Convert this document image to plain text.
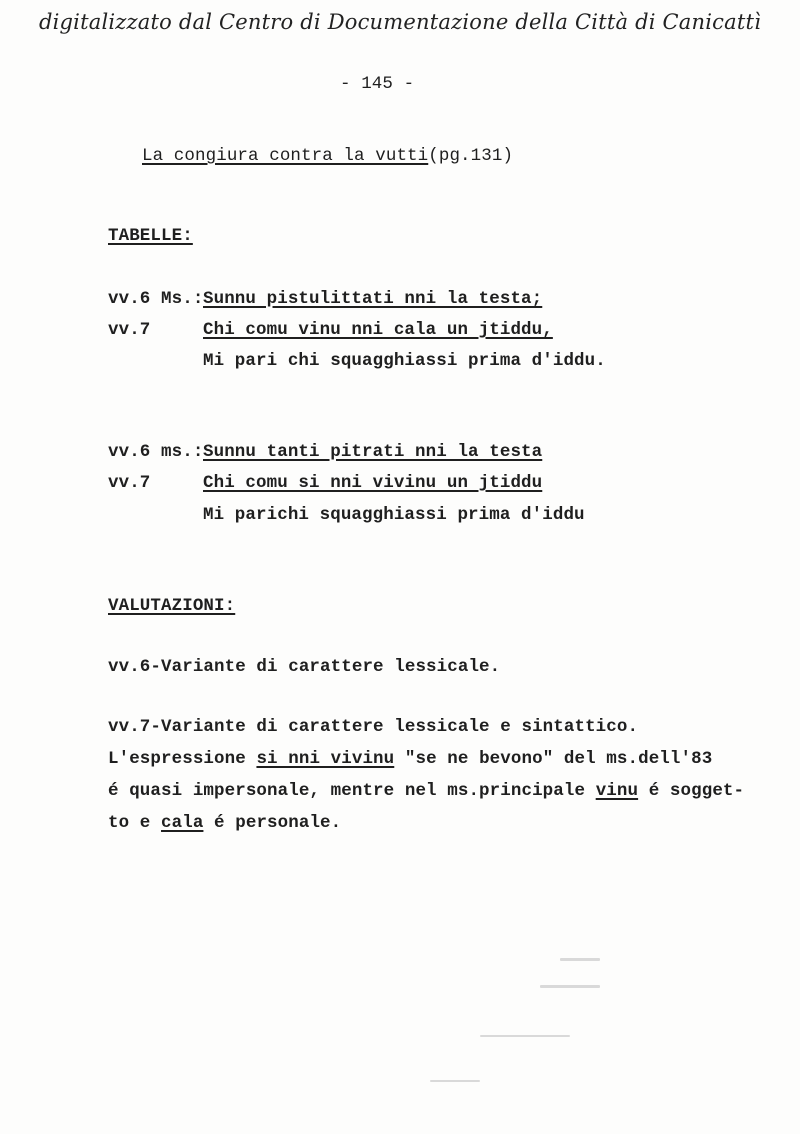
digitalizzato dal Centro di Documentazione della Città di Canicattì
- 145 -
La congiura contra la vutti(pg.131)
TABELLE:
vv.6 Ms.: Sunnu pistulittati nni la testa;
vv.7	Chi comu vinu nni cala un jtiddu,
Mi pari chi squagghiassi prima d'iddu.
vv.6 ms.: Sunnu tanti pitrati nni la testa
vv.7	Chi comu si nni vivinu un jtiddu
Mi parichi squagghiassi prima d'iddu
VALUTAZIONI:
vv.6-Variante di carattere lessicale.
vv.7-Variante di carattere lessicale e sintattico.
L'espressione si nni vivinu "se ne bevono" del ms.dell'83
é quasi impersonale, mentre nel ms.principale vinu é sogget-
to e cala é personale.
